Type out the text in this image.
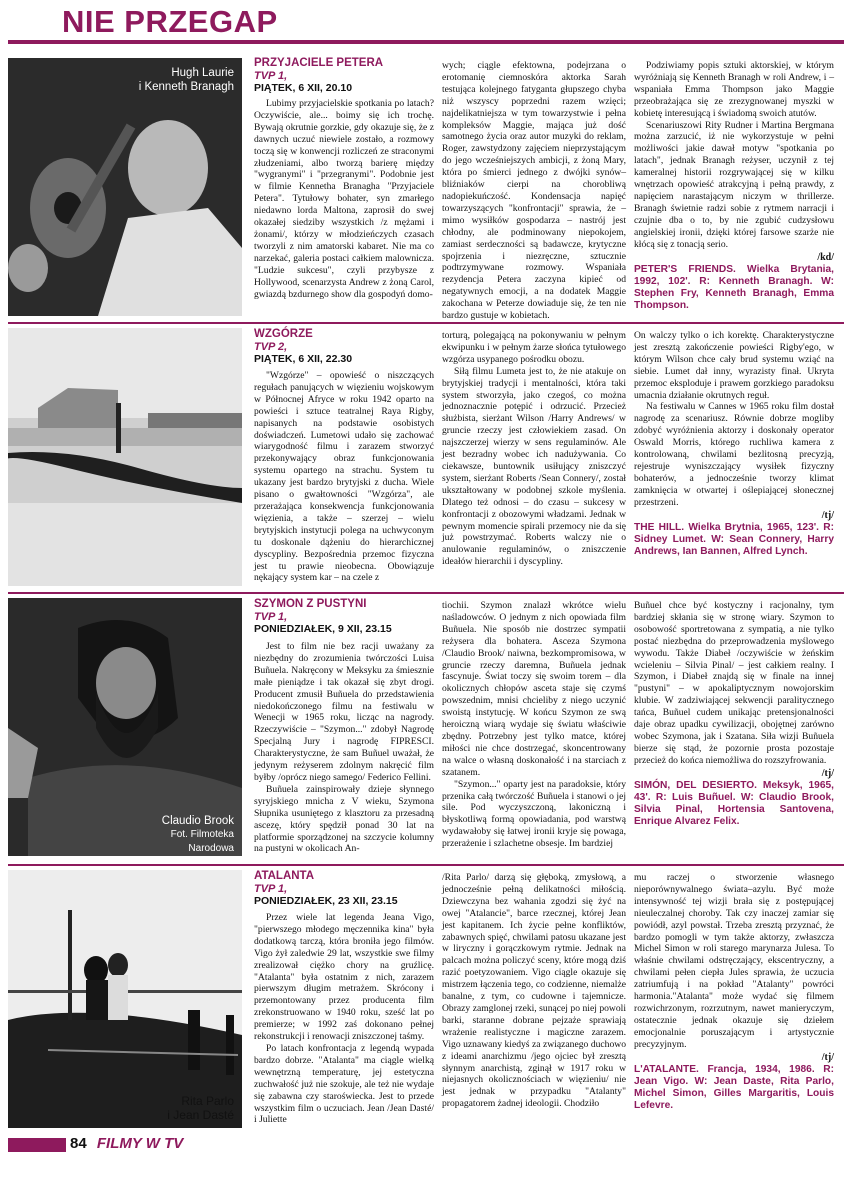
NIE PRZEGAP
Hugh Laurie
i Kenneth Branagh
PRZYJACIELE PETERA
TVP 1,
PIĄTEK, 6 XII, 20.10

Lubimy przyjacielskie spotkania po latach? Oczywiście, ale... boimy się ich trochę. Bywają okrutnie gorzkie, gdy okazuje się, że z dawnych uczuć niewiele zostało, a rozmowy toczą się w konwencji rozliczeń ze straconymi złudzeniami, albo tworzą barierę między "wygranymi" i "przegranymi". Podobnie jest w filmie Kennetha Branagha "Przyjaciele Petera". Tytułowy bohater, syn zmarłego niedawno lorda Maltona, zaprosił do swej okazałej siedziby wszystkich /z mężami i żonami/, którzy w młodzieńczych czasach tworzyli z nim amatorski kabaret. Nie ma co narzekać, galeria postaci całkiem malownicza. "Ludzie sukcesu", czyli przybysze z Hollywood, scenarzysta Andrew z żoną Carol, gwiazdą bzdurnego show dla gospodyń domo-

wych; ciągle efektowna, podejrzana o erotomanię ciemnoskóra aktorka Sarah testująca kolejnego fatyganta głupszego chyba niż wszyscy poprzedni razem wzięci; najdelikatniejsza w tym towarzystwie i pełna kompleksów Maggie, mająca już dość samotnego życia oraz autor muzyki do reklam, Roger, zawstydzony zajęciem nieprzystającym do jego wcześniejszych ambicji, z żoną Mary, która po śmierci jednego z dwójki synów–bliźniaków cierpi na chorobliwą nadopiekuńczość. Kondensacja napięć towarzyszących "konfrontacji" sprawia, że – mimo wysiłków gospodarza – nastrój jest chłodny, ale podminowany niepokojem, zamiast serdeczności są badawcze, krytyczne spojrzenia i niezręczne, sztucznie podtrzymywane rozmowy. Wspaniała rezydencja Petera zaczyna kipieć od negatywnych emocji, a na dodatek Maggie zakochana w Peterze dowiaduje się, że ten nie bardzo gustuje w kobietach.

Podziwiamy popis sztuki aktorskiej, w którym wyróżniają się Kenneth Branagh w roli Andrew, i – wspaniała Emma Thompson jako Maggie przeobrażająca się ze zrezygnowanej myszki w kobietę interesującą i świadomą swoich atutów.

Scenariuszowi Rity Rudner i Martina Bergmana można zarzucić, iż nie wykorzystuje w pełni możliwości jakie dawał motyw "spotkania po latach", jednak Branagh reżyser, uczynił z tej kameralnej historii rozgrywającej się w kilku wnętrzach opowieść atrakcyjną i pełną prawdy, z napięciem narastającym niczym w thrillerze. Branagh świetnie radzi sobie z rytmem narracji i czujnie dba o to, by nie zgubić cudzysłowu angielskiej ironii, dzięki której farsowe szarże nie kłócą się z tonacją serio.

/kd/
PETER'S FRIENDS. Wielka Brytania, 1992, 102'. R: Kenneth Branagh. W: Stephen Fry, Kenneth Branagh, Emma Thompson.
WZGÓRZE
TVP 2,
PIĄTEK, 6 XII, 22.30

"Wzgórze" – opowieść o niszczących regułach panujących w więzieniu wojskowym w Północnej Afryce w roku 1942 oparto na powieści i sztuce teatralnej Raya Rigby, napisanych na podstawie osobistych doświadczeń. Lumetowi udało się zachować wiarygodność filmu i zarazem stworzyć przekonywający obraz funkcjonowania systemu opartego na strachu. System tu ukazany jest bardzo brytyjski z ducha. Wiele pisano o gwałtowności "Wzgórza", ale przerażająca konsekwencja funkcjonowania więzienia, a także – szerzej – wielu brytyjskich instytucji polega na uchwyconym tu doskonale dążeniu do hierarchicznej dyscypliny. Bezpośrednia przemoc fizyczna jest tu prawie nieobecna. Obowiązuje nękający system kar – na czele z

torturą, polegającą na pokonywaniu w pełnym ekwipunku i w pełnym żarze słońca tytułowego wzgórza usypanego pośrodku obozu.

Siłą filmu Lumeta jest to, że nie atakuje on brytyjskiej tradycji i mentalności, która taki system stworzyła, jako czegoś, co można jednoznacznie potępić i odrzucić. Przecież służbista, sierżant Wilson /Harry Andrews/ w gruncie rzeczy jest człowiekiem zasad. On najszczerzej wierzy w sens regulaminów. Ale jest bezradny wobec ich nadużywania. Co ciekawsze, buntownik usiłujący zniszczyć system, sierżant Roberts /Sean Connery/, został ukształtowany w podobnej szkole myślenia. Dlatego też odnosi – do czasu – sukcesy w konfrontacji z obozowymi władzami. Jednak w pewnym momencie spirali przemocy nie da się już powstrzymać. Roberts walczy nie o anulowanie regulaminów, o zniszczenie ideałów hierarchii i dyscypliny.

On walczy tylko o ich korektę. Charakterystyczne jest zresztą zakończenie powieści Rigby'ego, w którym Wilson chce cały brud systemu wziąć na siebie. Lumet dał inny, wyrazisty finał. Ukryta przemoc eksploduje i prawem gorzkiego paradoksu umacnia działanie okrutnych reguł.

Na festiwalu w Cannes w 1965 roku film dostał nagrodę za scenariusz. Równie dobrze mogliby zdobyć wyróżnienia aktorzy i doskonały operator Oswald Morris, którego ruchliwa kamera z kontrolowaną, chwilami bezlitosną precyzją, rejestruje wyniszczający wysiłek fizyczny bohaterów, a jednocześnie tworzy klimat zamknięcia w otwartej i oślepiającej słonecznej przestrzeni.

/tj/
THE HILL. Wielka Brytnia, 1965, 123'. R: Sidney Lumet. W: Sean Connery, Harry Andrews, Ian Bannen, Alfred Lynch.
Claudio Brook
Fot. Filmoteka
Narodowa
SZYMON Z PUSTYNI
TVP 1,
PONIEDZIAŁEK, 9 XII, 23.15

Jest to film nie bez racji uważany za niezbędny do zrozumienia twórczości Luisa Buñuela. Nakręcony w Meksyku za śmiesznie małe pieniądze i tak okazał się zbyt drogi. Producent zmusił Buñuela do przedstawienia niedokończonego filmu na festiwalu w Wenecji w 1965 roku, licząc na nagrody. Rzeczywiście – "Szymon..." zdobył Nagrodę Specjalną Jury i nagrodę FIPRESCI. Charakterystyczne, że sam Buñuel uważał, że jedynym reżyserem zdolnym nakręcić film byłby /oprócz niego samego/ Federico Fellini.

Buñuela zainspirowały dzieje słynnego syryjskiego mnicha z V wieku, Szymona Słupnika usuniętego z klasztoru za przesadną ascezę, który spędził ponad 30 lat na platformie sporządzonej na szczycie kolumny na pustyni w okolicach An-

tiochii. Szymon znalazł wkrótce wielu naśladowców. O jednym z nich opowiada film Buñuela. Nie sposób nie dostrzec sympatii reżysera dla bohatera. Asceza Szymona /Claudio Brook/ naiwna, bezkompromisowa, w gruncie rzeczy daremna, Buñuela jednak fascynuje. Świat toczy się swoim torem – dla okolicznych chłopów asceta staje się czymś powszednim, mnisi chcieliby z niego uczynić swoistą instytucję. W końcu Szymon ze swą heroiczną wiarą wydaje się światu właściwie zbędny. Potrzebny jest tylko matce, której miłości nie chce dostrzegać, skoncentrowany na walce o własną doskonałość i na starciach z szatanem.

"Szymon..." oparty jest na paradoksie, który przenika całą twórczość Buñuela i stanowi o jej sile. Pod wyczyszczoną, lakoniczną i błyskotliwą formą opowiadania, pod warstwą wydawałoby się łatwej ironii kryje się powaga, przerażenie i szlachetne obsesje. Im bardziej

Buñuel chce być kostyczny i racjonalny, tym bardziej skłania się w stronę wiary. Szymon to osobowość sportretowana z sympatią, a nie tylko postać niezbędna do przeprowadzenia myślowego wywodu. Także Diabeł /oczywiście w żeńskim wcieleniu – Silvia Pinal/ – jest całkiem realny. I Szymon, i Diabeł znajdą się w finale na innej "pustyni" – w apokaliptycznym nowojorskim klubie. W zadziwiającej sekwencji paralitycznego tańca, Buñuel cudem unikając pretensjonalności daje obraz upadku cywilizacji, obojętnej zarówno wobec Szymona, jak i Szatana. Siła wizji Buñuela bierze się stąd, że pozornie prosta pozostaje przecież do końca niemożliwa do rozszyfrowania.

/tj/
SIMÓN, DEL DESIERTO. Meksyk, 1965, 43'. R: Luis Buñuel. W: Claudio Brook, Silvia Pinal, Hortensia Santovena, Enrique Alvarez Felix.
Rita Parlo
i Jean Dasté
ATALANTA
TVP 1,
PONIEDZIAŁEK, 23 XII, 23.15

Przez wiele lat legenda Jeana Vigo, "pierwszego młodego męczennika kina" była dodatkową tarczą, która broniła jego filmów. Vigo żył zaledwie 29 lat, wszystkie swe filmy zrealizował ciężko chory na gruźlicę. "Atalanta" była ostatnim z nich, zarazem pierwszym długim metrażem. Skrócony i przemontowany przez producenta film zrekonstruowano w 1940 roku, sześć lat po premierze; w 1992 zaś dokonano pełnej rekonstrukcji i renowacji zniszczonej taśmy.

Po latach konfrontacja z legendą wypada bardzo dobrze. "Atalanta" ma ciągle wielką wewnętrzną temperaturę, jej estetyczna zuchwałość już nie szokuje, ale też nie wydaje się zabawna czy staroświecka. Jest to przede wszystkim film o uczuciach. Jean /Jean Dasté/ i Juliette

/Rita Parlo/ darzą się głęboką, zmysłową, a jednocześnie pełną delikatności miłością. Dziewczyna bez wahania zgodzi się żyć na owej "Atalancie", barce rzecznej, której Jean jest kapitanem. Ich życie pełne konfliktów, zabawnych spięć, chwilami patosu ukazane jest w liryczny i gorączkowym rytmie. Jednak na palcach można policzyć sceny, które mogą dziś razić poetyzowaniem. Vigo ciągle okazuje się mistrzem łączenia tego, co codzienne, niemalże banalne, z tym, co cudowne i tajemnicze. Obrazy zamglonej rzeki, sunącej po niej powoli barki, staranne dobrane pejzaże sprawiają wrażenie realistyczne i magiczne zarazem. Vigo uznawany kiedyś za związanego duchowo z ideami anarchizmu /jego ojciec był zresztą słynnym anarchistą, zginął w 1917 roku w niejasnych okolicznościach w więzieniu/ nie jest jednak w przypadku "Atalanty" propagatorem żadnej ideologii. Chodziło

mu raczej o stworzenie własnego nieporównywalnego świata–azylu. Być może intensywność tej wizji brała się z postępującej nieuleczalnej choroby. Tak czy inaczej zamiar się powiódł, azyl powstał. Trzeba zresztą przyznać, że bardzo pomogli w tym także aktorzy, zwłaszcza Michel Simon w roli starego marynarza Julesa. To właśnie chwilami odstręczający, ekscentryczny, a chwilami pełen ciepła Jules sprawia, że uczucia zatriumfują i na pokład "Atalanty" powróci harmonia."Atalanta" może wydać się filmem rozwichrzonym, rozrzutnym, nawet manieryczym, ostatecznie jednak okazuje się dziełem emocjonalnie poruszającym i artystycznie precyzyjnym.

/tj/
L'ATALANTE. Francja, 1934, 1986. R: Jean Vigo. W: Jean Daste, Rita Parlo, Michel Simon, Gilles Margaritis, Louis Lefevre.
84 FILMY W TV
